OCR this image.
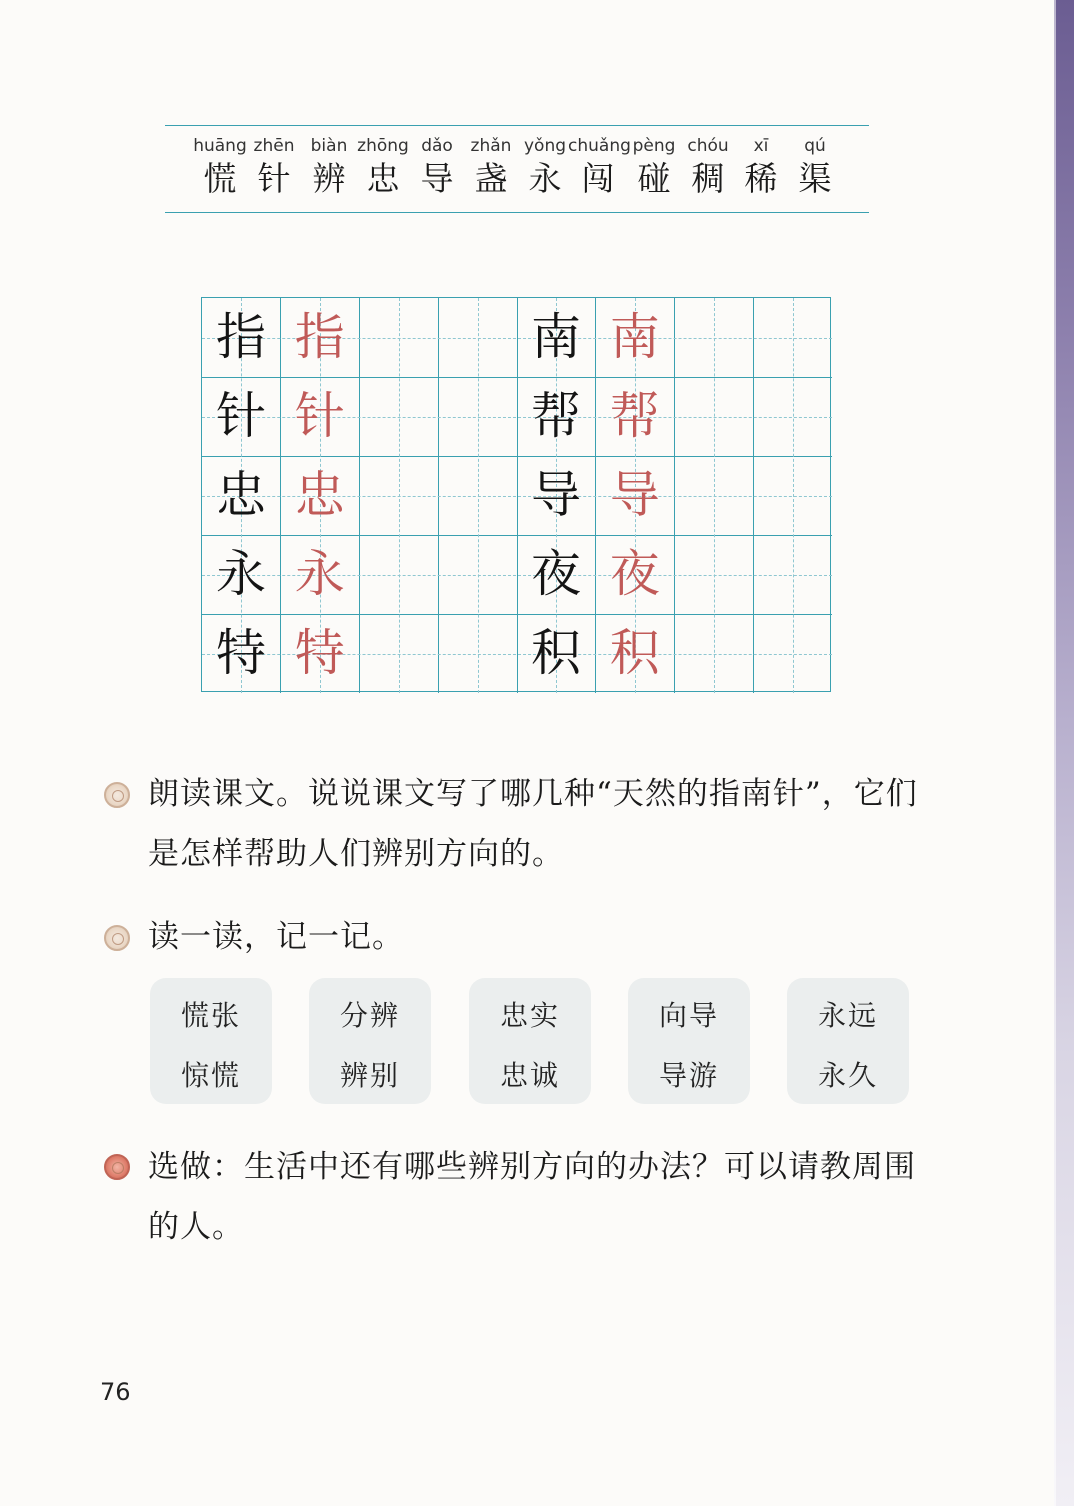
huāng
慌
zhēn
针
biàn
辨
zhōng
忠
dǎo
导
zhǎn
盏
yǒng
永
chuǎng
闯
pèng
碰
chóu
稠
xī
稀
qú
渠
指
针
忠
永
特
指
针
忠
永
特
南
帮
导
夜
积
南
帮
导
夜
积
朗读课文。说说课文写了哪几种“天然的指南针”，它们是怎样帮助人们辨别方向的。
读一读，记一记。
慌张
惊慌
分辨
辨别
忠实
忠诚
向导
导游
永远
永久
选做：生活中还有哪些辨别方向的办法？可以请教周围的人。
76
